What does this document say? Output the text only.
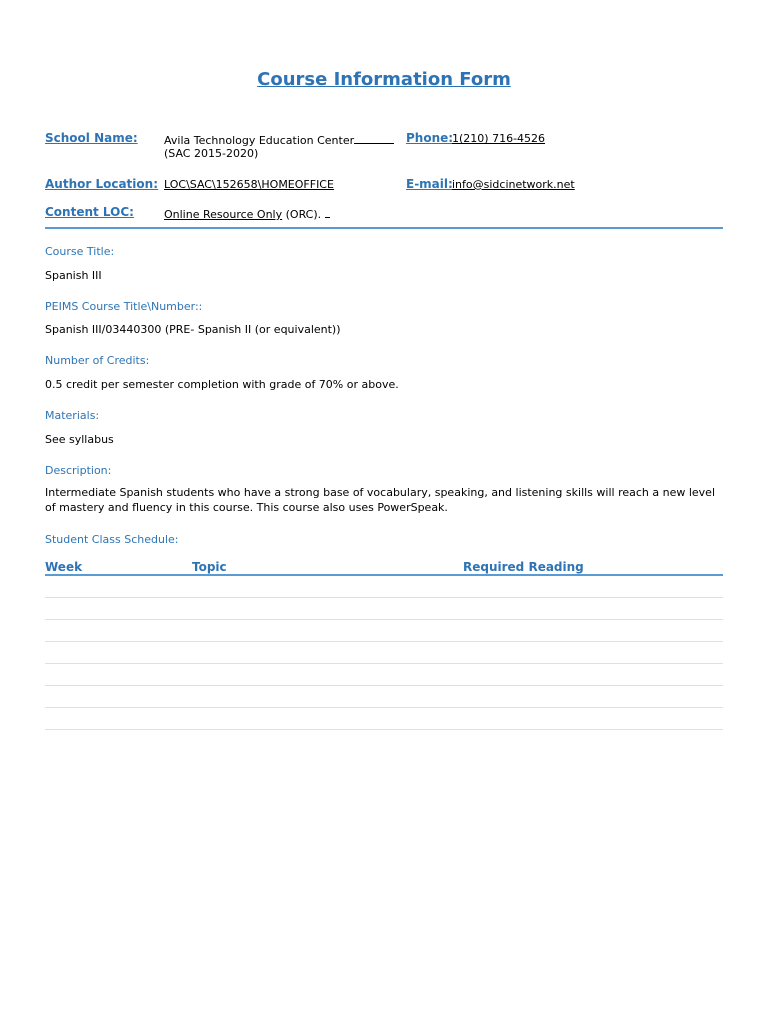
Course Information Form
School Name: Avila Technology Education Center
(SAC 2015-2020)
Phone:
1(210) 716-4526
Author Location: LOC\SAC\152658\HOMEOFFICE	E-mail: info@sidcinetwork.net
Content LOC:	Online Resource Only (ORC).
Course Title:
Spanish III
PEIMS Course Title\Number::
Spanish III/03440300 (PRE- Spanish II (or equivalent))
Number of Credits:
0.5 credit per semester completion with grade of 70% or above.
Materials:
See syllabus
Description:
Intermediate Spanish students who have a strong base of vocabulary, speaking, and listening skills will reach a new level of mastery and fluency in this course. This course also uses PowerSpeak.
Student Class Schedule:
Week	Topic	Required Reading
